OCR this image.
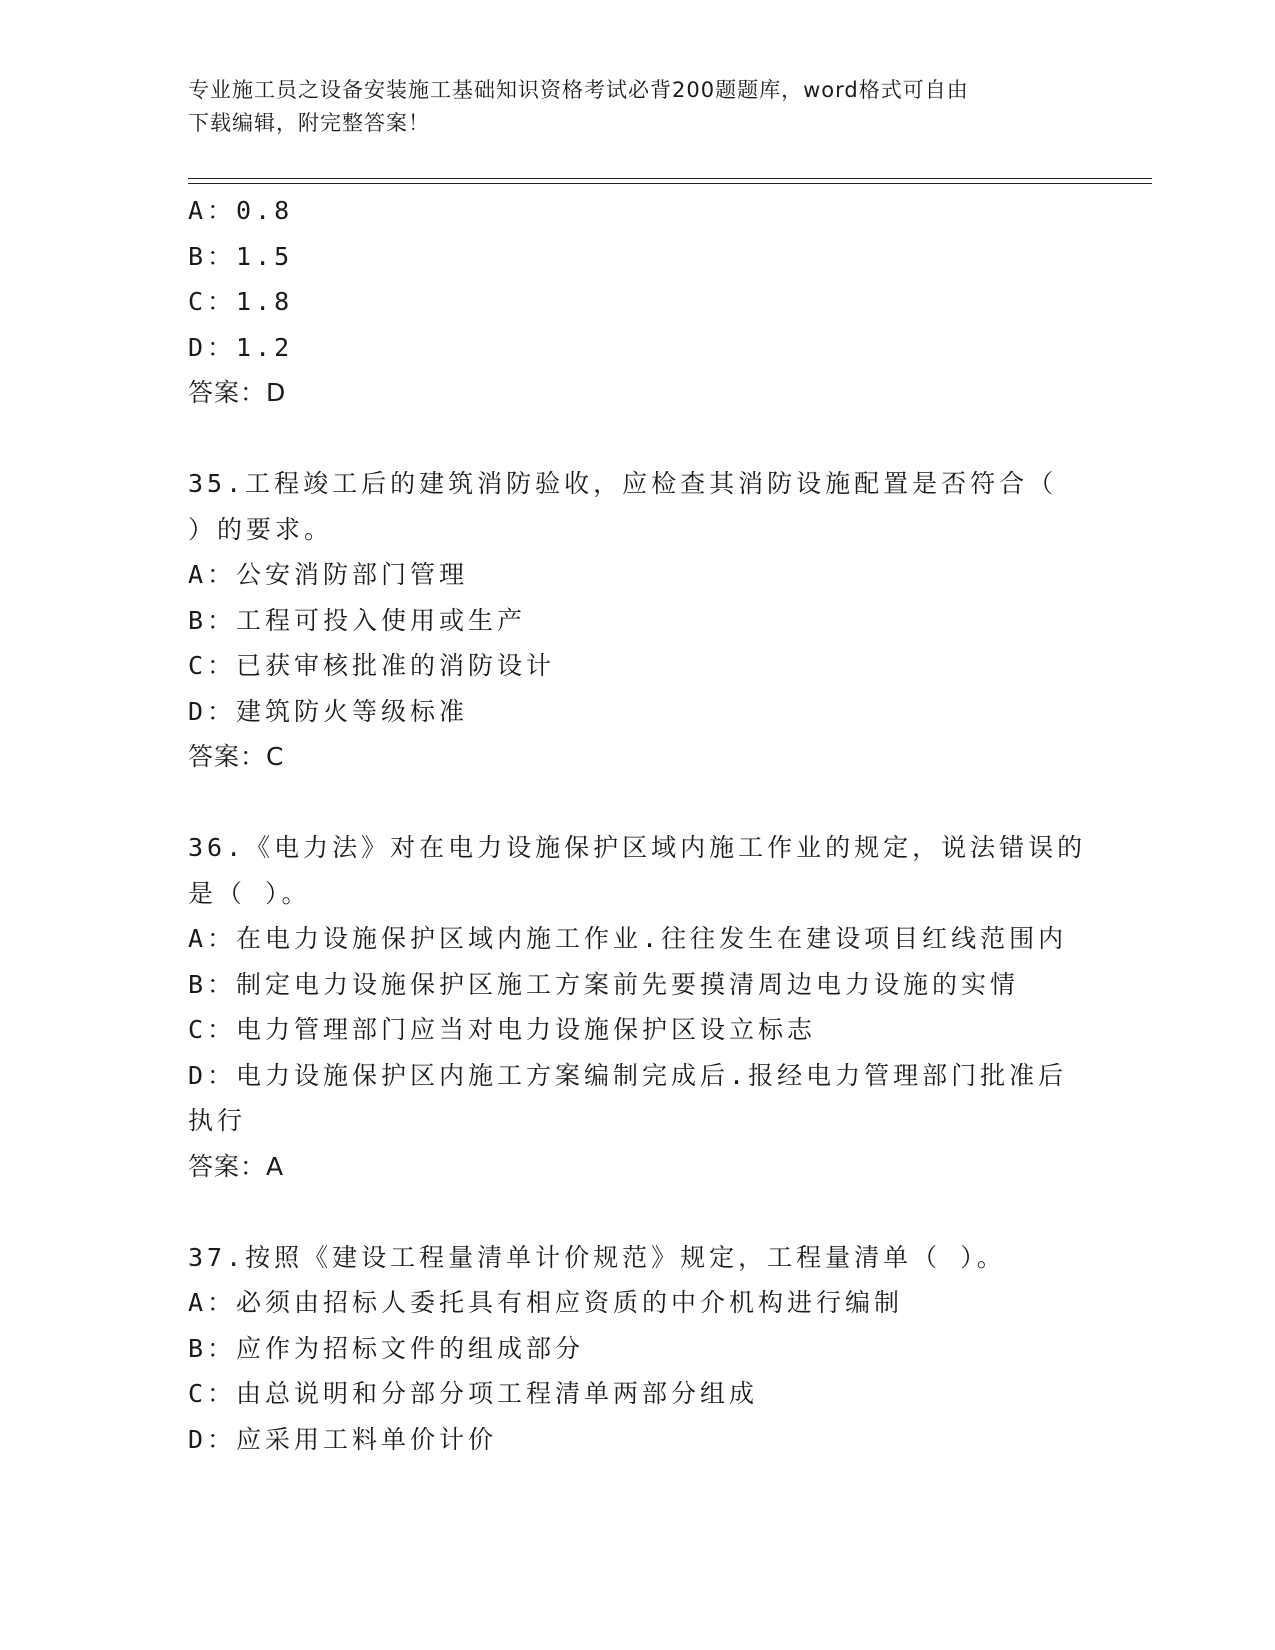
专业施工员之设备安装施工基础知识资格考试必背200题题库，word格式可自由
下载编辑，附完整答案！
A：0.8
B：1.5
C：1.8
D：1.2
答案：D
35.工程竣工后的建筑消防验收，应检查其消防设施配置是否符合（
）的要求。
A：公安消防部门管理
B：工程可投入使用或生产
C：已获审核批准的消防设计
D：建筑防火等级标准
答案：C
36.《电力法》对在电力设施保护区域内施工作业的规定，说法错误的
是（ ）。
A：在电力设施保护区域内施工作业.往往发生在建设项目红线范围内
B：制定电力设施保护区施工方案前先要摸清周边电力设施的实情
C：电力管理部门应当对电力设施保护区设立标志
D：电力设施保护区内施工方案编制完成后.报经电力管理部门批准后
执行
答案：A
37.按照《建设工程量清单计价规范》规定，工程量清单（ ）。
A：必须由招标人委托具有相应资质的中介机构进行编制
B：应作为招标文件的组成部分
C：由总说明和分部分项工程清单两部分组成
D：应采用工料单价计价
